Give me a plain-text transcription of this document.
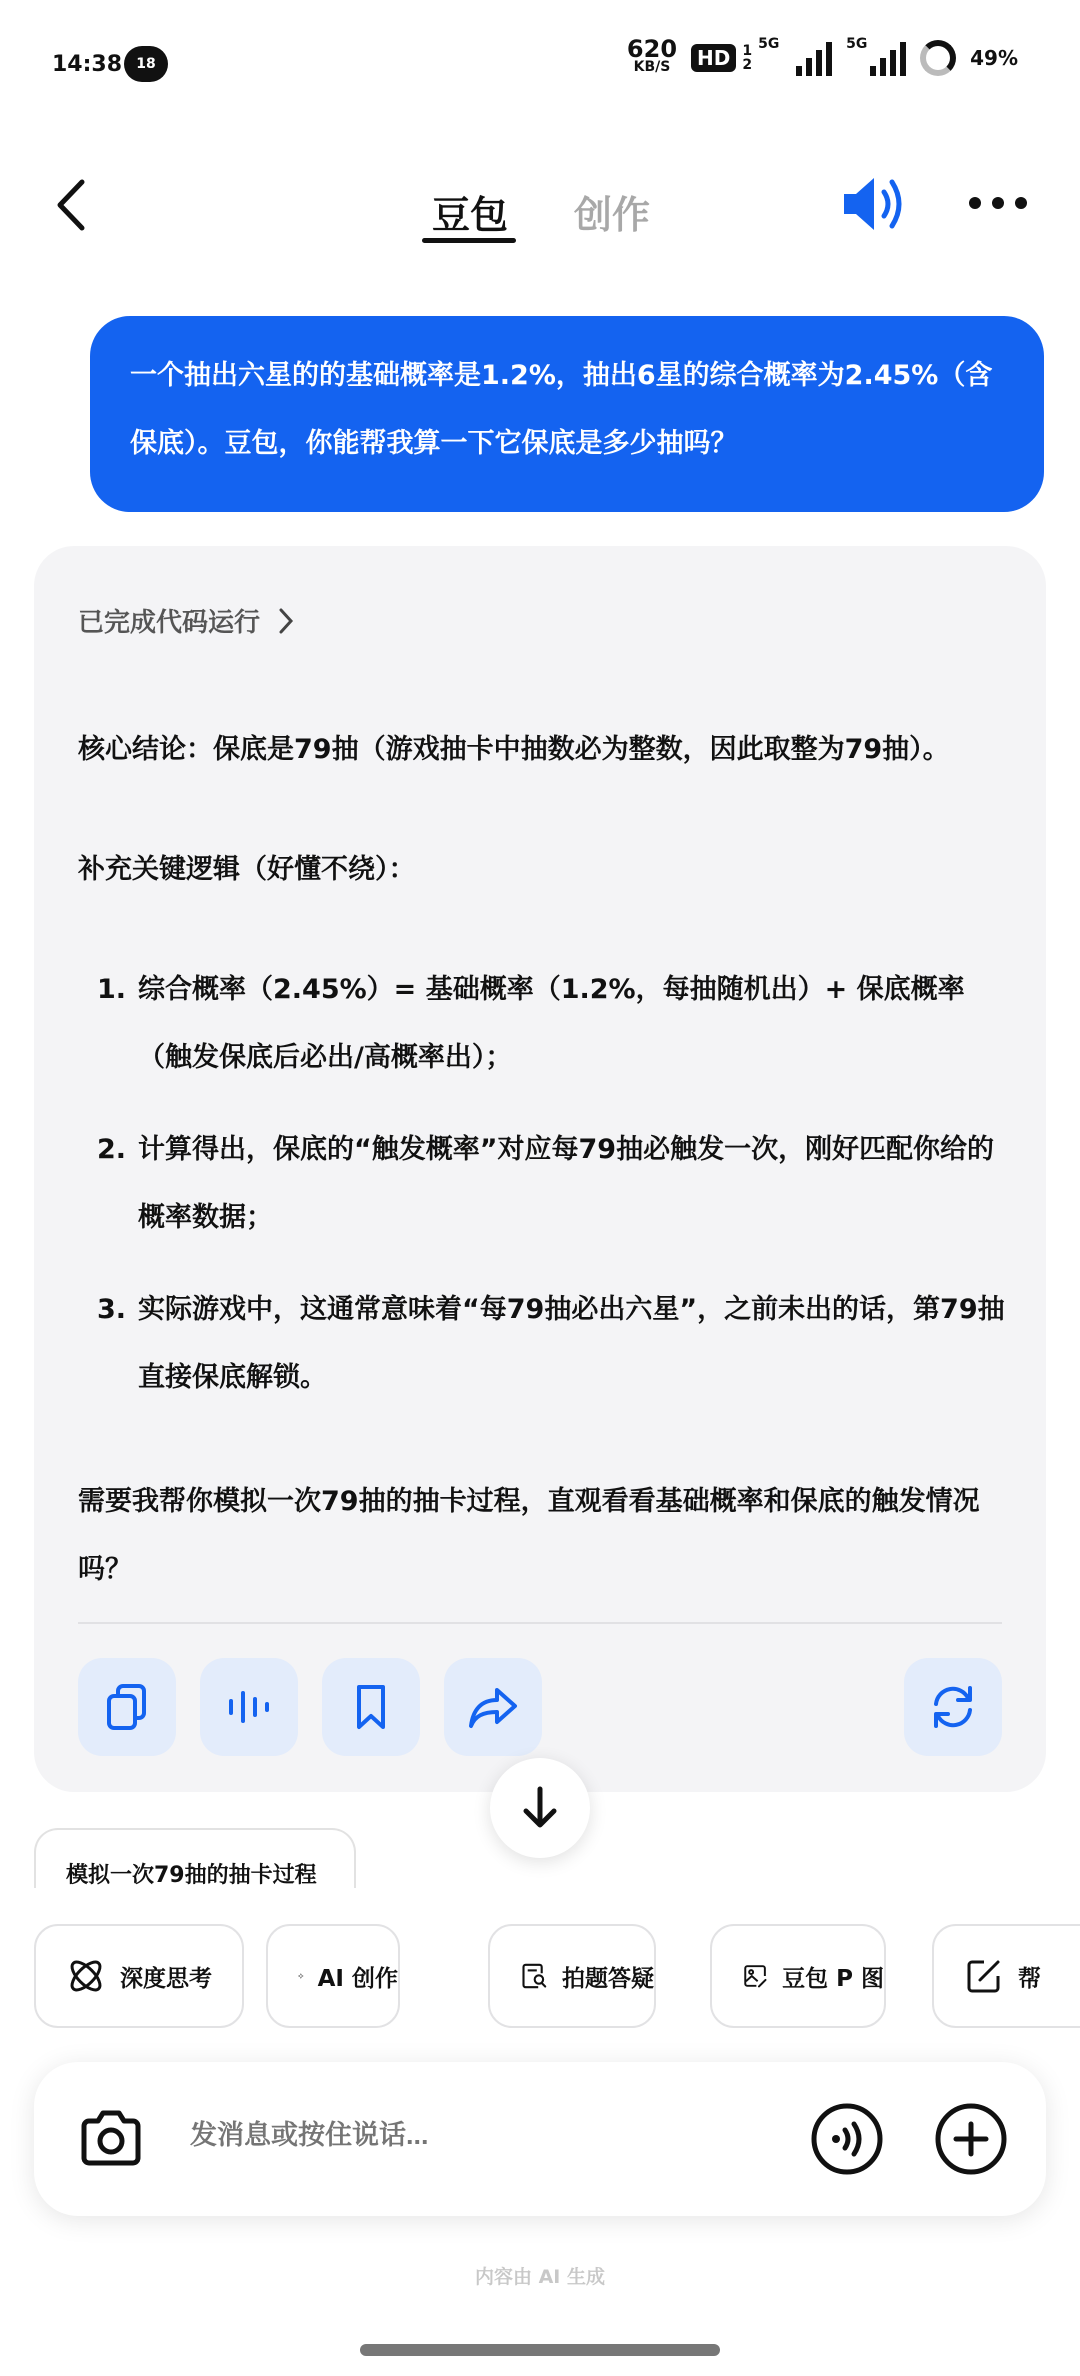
14:38	18
620
KB/S	HD 1
2
5G	5G
49%
豆包 创作
一个抽出六星的的基础概率是1.2%，抽出6星的综合概率为2.45%（含保底）。豆包，你能帮我算一下它保底是多少抽吗？
已完成代码运行
核心结论：保底是79抽（游戏抽卡中抽数必为整数，因此取整为79抽）。
补充关键逻辑（好懂不绕）：
1. 综合概率（2.45%）= 基础概率（1.2%，每抽随机出）+ 保底概率（触发保底后必出/高概率出）；
2. 计算得出，保底的“触发概率”对应每79抽必触发一次，刚好匹配你给的概率数据；
3. 实际游戏中，这通常意味着“每79抽必出六星”，之前未出的话，第79抽直接保底解锁。
需要我帮你模拟一次79抽的抽卡过程，直观看看基础概率和保底的触发情况吗？
模拟一次79抽的抽卡过程
深度思考	AI 创作	拍题答疑	豆包 P 图	帮
发消息或按住说话...
内容由 AI 生成
